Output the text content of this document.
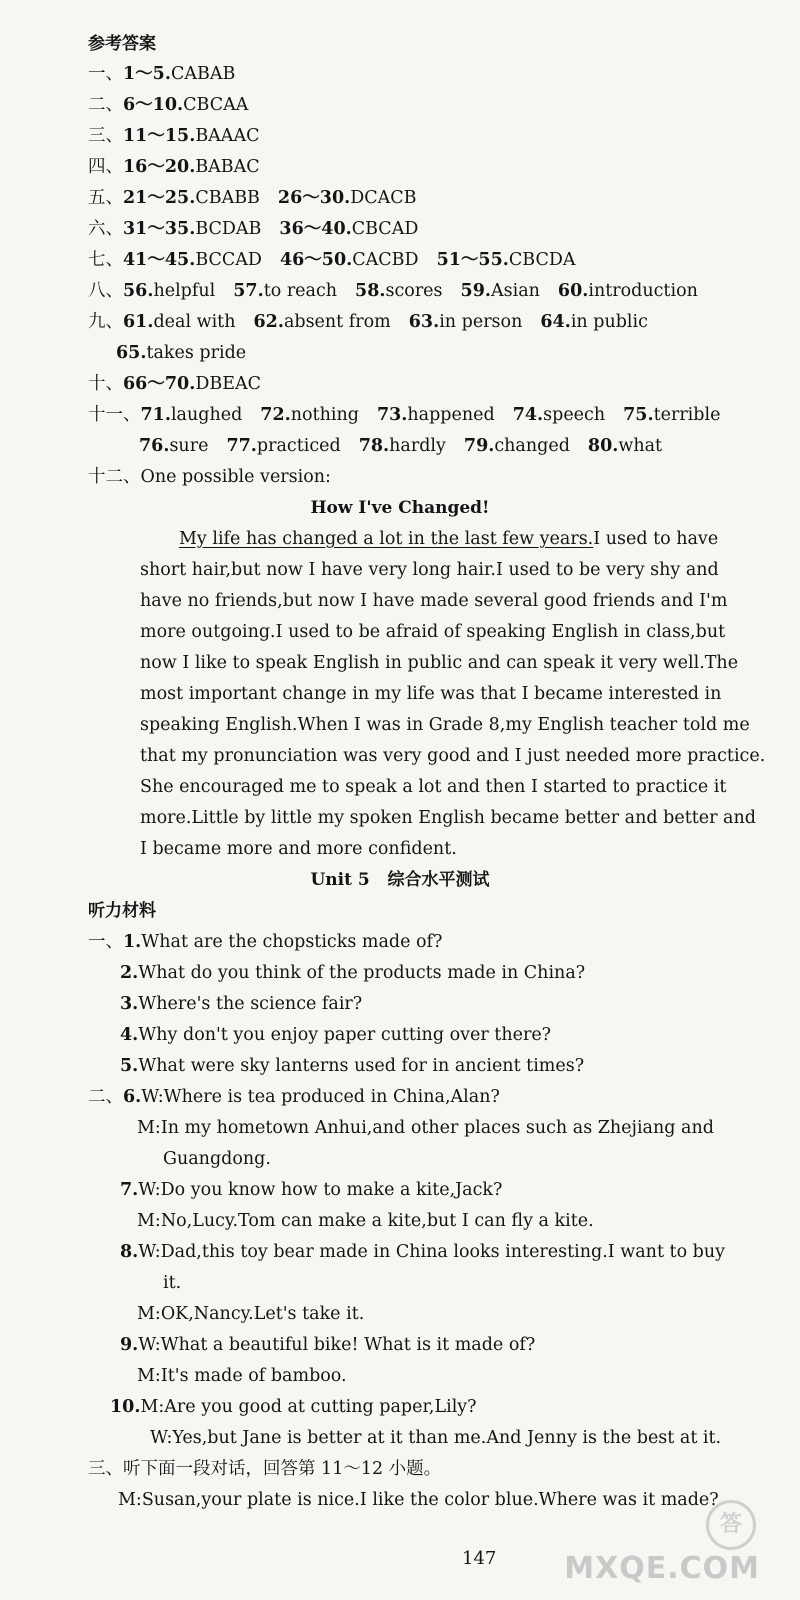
参考答案
一、1～5.CABAB
二、6～10.CBCAA
三、11～15.BAAAC
四、16～20.BABAC
五、21～25.CBABB 26～30.DCACB
六、31～35.BCDAB 36～40.CBCAD
七、41～45.BCCAD 46～50.CACBD 51～55.CBCDA
八、56.helpful 57.to reach 58.scores 59.Asian 60.introduction
九、61.deal with 62.absent from 63.in person 64.in public
65.takes pride
十、66～70.DBEAC
十一、71.laughed 72.nothing 73.happened 74.speech 75.terrible
76.sure 77.practiced 78.hardly 79.changed 80.what
十二、One possible version:
How I've Changed!
My life has changed a lot in the last few years.I used to have
short hair,but now I have very long hair.I used to be very shy and
have no friends,but now I have made several good friends and I'm
more outgoing.I used to be afraid of speaking English in class,but
now I like to speak English in public and can speak it very well.The
most important change in my life was that I became interested in
speaking English.When I was in Grade 8,my English teacher told me
that my pronunciation was very good and I just needed more practice.
She encouraged me to speak a lot and then I started to practice it
more.Little by little my spoken English became better and better and
I became more and more confident.
Unit 5 综合水平测试
听力材料
一、1.What are the chopsticks made of?
2.What do you think of the products made in China?
3.Where's the science fair?
4.Why don't you enjoy paper cutting over there?
5.What were sky lanterns used for in ancient times?
二、6.W:Where is tea produced in China,Alan?
M:In my hometown Anhui,and other places such as Zhejiang and
Guangdong.
7.W:Do you know how to make a kite,Jack?
M:No,Lucy.Tom can make a kite,but I can fly a kite.
8.W:Dad,this toy bear made in China looks interesting.I want to buy
it.
M:OK,Nancy.Let's take it.
9.W:What a beautiful bike! What is it made of?
M:It's made of bamboo.
10.M:Are you good at cutting paper,Lily?
W:Yes,but Jane is better at it than me.And Jenny is the best at it.
三、听下面一段对话，回答第 11～12 小题。
M:Susan,your plate is nice.I like the color blue.Where was it made?
147
答
MXQE.COM
